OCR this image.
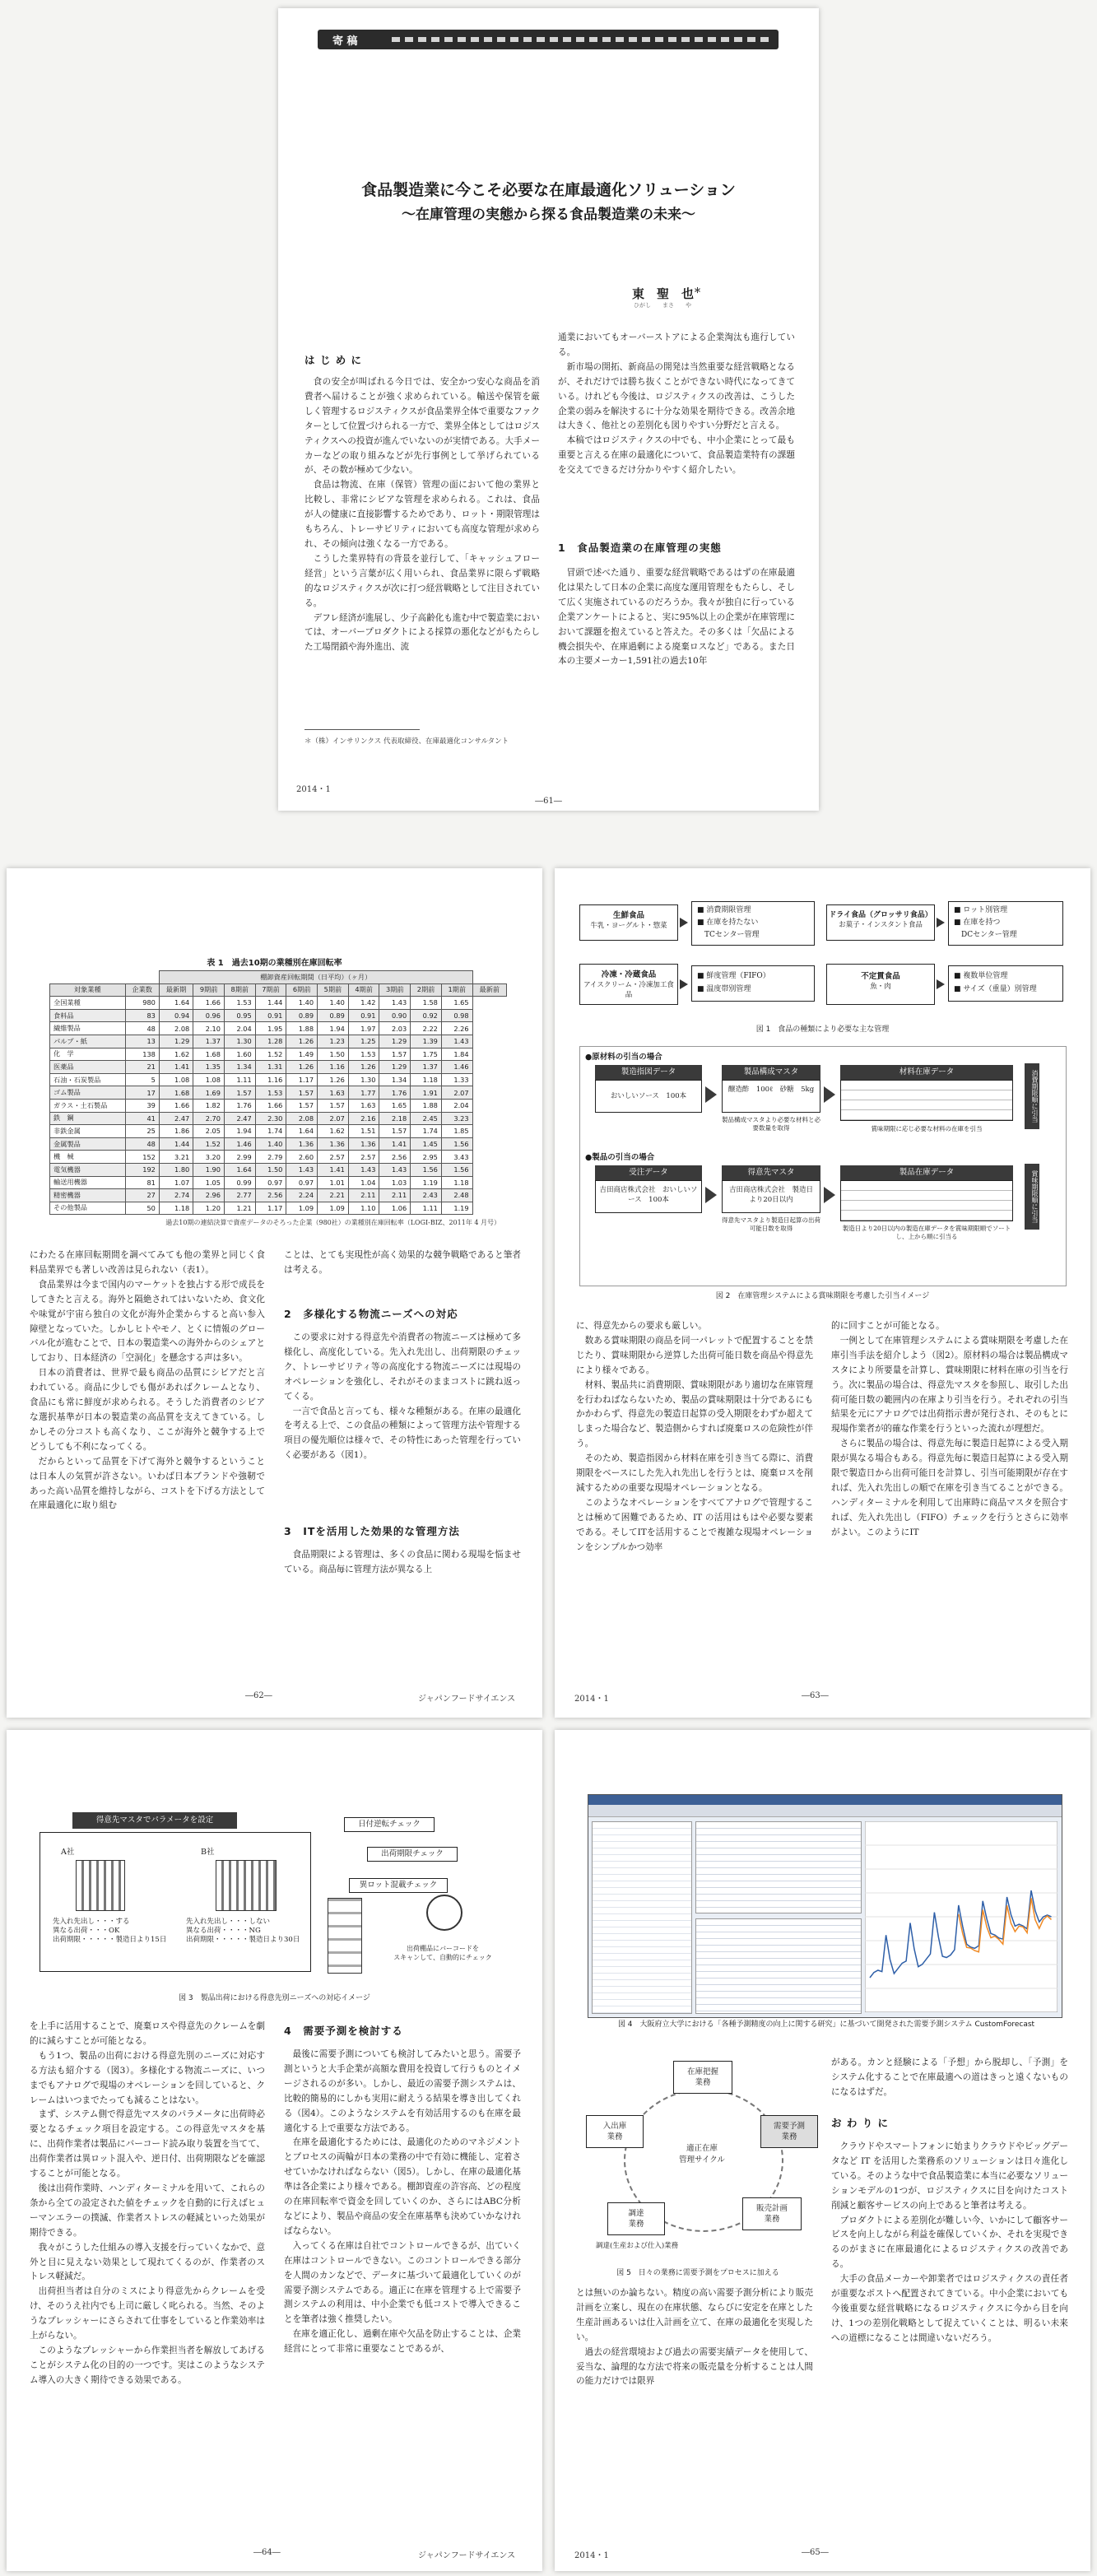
寄 稿
食品製造業に今こそ必要な在庫最適化ソリューション
～在庫管理の実態から探る食品製造業の未来～
東　聖　也＊
ひがし　　まさ　　や
は じ め に

食の安全が叫ばれる今日では、安全かつ安心な商品を消費者へ届けることが強く求められている。輸送や保管を厳しく管理するロジスティクスが食品業界全体で重要なファクターとして位置づけられる一方で、業界全体としてはロジスティクスへの投資が進んでいないのが実情である。大手メーカーなどの取り組みなどが先行事例として挙げられているが、その数が極めて少ない。

食品は物流、在庫（保管）管理の面において他の業界と比較し、非常にシビアな管理を求められる。これは、食品が人の健康に直接影響するためであり、ロット・期限管理はもちろん、トレーサビリティにおいても高度な管理が求められ、その傾向は強くなる一方である。

こうした業界特有の背景を並行して、「キャッシュフロー経営」という言葉が広く用いられ、食品業界に限らず戦略的なロジスティクスが次に打つ経営戦略として注目されている。

デフレ経済が進展し、少子高齢化も進む中で製造業においては、オーバープロダクトによる採算の悪化などがもたらした工場閉鎖や海外進出、流

通業においてもオーバーストアによる企業淘汰も進行している。

新市場の開拓、新商品の開発は当然重要な経営戦略となるが、それだけでは勝ち抜くことができない時代になってきている。けれども今後は、ロジスティクスの改善は、こうした企業の弱みを解決するに十分な効果を期待できる。改善余地は大きく、他社との差別化も図りやすい分野だと言える。

本稿ではロジスティクスの中でも、中小企業にとって最も重要と言える在庫の最適化について、食品製造業特有の課題を交えてできるだけ分かりやすく紹介したい。

1　食品製造業の在庫管理の実態

冒頭で述べた通り、重要な経営戦略であるはずの在庫最適化は果たして日本の企業に高度な運用管理をもたらし、そして広く実施されているのだろうか。我々が独自に行っている企業アンケートによると、実に95%以上の企業が在庫管理において課題を抱えていると答えた。その多くは「欠品による機会損失や、在庫過剰による廃棄ロスなど」である。また日本の主要メーカー1,591社の過去10年

＊（株）インサリンクス 代表取締役、在庫最適化コンサルタント
2014・1
―61―
表 1　過去10期の業種別在庫回転率
		棚卸資産回転期間（日平均）（ヶ月）										
対象業種	企業数	最新期	9期前	8期前	7期前	6期前	5期前	4期前	3期前	2期前	1期前	最新前
全国業種	980	1.64	1.66	1.53	1.44	1.40	1.40	1.42	1.43	1.58	1.65	
食料品	83	0.94	0.96	0.95	0.91	0.89	0.89	0.91	0.90	0.92	0.98	
繊維製品	48	2.08	2.10	2.04	1.95	1.88	1.94	1.97	2.03	2.22	2.26	
パルプ・紙	13	1.29	1.37	1.30	1.28	1.26	1.23	1.25	1.29	1.39	1.43	
化　学	138	1.62	1.68	1.60	1.52	1.49	1.50	1.53	1.57	1.75	1.84	
医薬品	21	1.41	1.35	1.34	1.31	1.26	1.16	1.26	1.29	1.37	1.46	
石油・石炭製品	5	1.08	1.08	1.11	1.16	1.17	1.26	1.30	1.34	1.18	1.33	
ゴム製品	17	1.68	1.69	1.57	1.53	1.57	1.63	1.77	1.76	1.91	2.07	
ガラス・土石製品	39	1.66	1.82	1.76	1.66	1.57	1.57	1.63	1.65	1.88	2.04	
鉄　鋼	41	2.47	2.70	2.47	2.30	2.08	2.07	2.16	2.18	2.45	3.23	
非鉄金属	25	1.86	2.05	1.94	1.74	1.64	1.62	1.51	1.57	1.74	1.85	
金属製品	48	1.44	1.52	1.46	1.40	1.36	1.36	1.36	1.41	1.45	1.56	
機　械	152	3.21	3.20	2.99	2.79	2.60	2.57	2.57	2.56	2.95	3.43	
電気機器	192	1.80	1.90	1.64	1.50	1.43	1.41	1.43	1.43	1.56	1.56	
輸送用機器	81	1.07	1.05	0.99	0.97	0.97	1.01	1.04	1.03	1.19	1.18	
精密機器	27	2.74	2.96	2.77	2.56	2.24	2.21	2.11	2.11	2.43	2.48	
その他製品	50	1.18	1.20	1.21	1.17	1.09	1.09	1.10	1.06	1.11	1.19	
過去10期の連結決算で資産データのそろった企業（980社）の業種別在庫回転率（LOGI-BIZ、2011年 4 月号）

にわたる在庫回転期間を調べてみても他の業界と同じく食料品業界でも著しい改善は見られない（表1）。

食品業界は今まで国内のマーケットを独占する形で成長をしてきたと言える。海外と隔絶されてはいないため、食文化や味覚が宇宙ら独自の文化が海外企業からすると高い参入障壁となっていた。しかしヒトやモノ、とくに情報のグローバル化が進むことで、日本の製造業への海外からのシェアとしており、日本経済の「空洞化」を懸念する声は多い。

日本の消費者は、世界で最も商品の品質にシビアだと言われている。商品に少しでも傷があればクレームとなり、食品にも常に鮮度が求められる。そうした消費者のシビアな選択基準が日本の製造業の高品質を支えてきている。しかしその分コストも高くなり、ここが海外と競争する上でどうしても不利になってくる。

だからといって品質を下げて海外と競争するということは日本人の気質が許さない。いわば日本ブランドや強靭であった高い品質を維持しながら、コストを下げる方法として在庫最適化に取り組む

ことは、とても実現性が高く効果的な競争戦略であると筆者は考える。

2　多様化する物流ニーズへの対応

この要求に対する得意先や消費者の物流ニーズは極めて多様化し、高度化している。先入れ先出し、出荷期限のチェック、トレーサビリティ等の高度化する物流ニーズには現場のオペレーションを強化し、それがそのままコストに跳ね返ってくる。

一言で食品と言っても、様々な種類がある。在庫の最適化を考える上で、この食品の種類によって管理方法や管理する項目の優先順位は様々で、その特性にあった管理を行っていく必要がある（図1）。

3　ITを活用した効果的な管理方法

食品期限による管理は、多くの食品に関わる現場を悩ませている。商品毎に管理方法が異なる上

―62―	ジャパンフードサイエンス
生鮮食品
牛乳・ヨーグルト・惣菜
■ 消費期限管理
■ 在庫を持たない
　TCセンター管理
ドライ食品（グロッサリ食品）
お菓子・インスタント食品
■ ロット別管理
■ 在庫を持つ
　DCセンター管理
冷凍・冷蔵食品
アイスクリーム・冷凍加工食品
■ 鮮度管理（FIFO）
■ 温度帯別管理
不定貫食品
魚・肉
■ 複数単位管理
■ サイズ（重量）別管理
図 1　食品の種類により必要な主な管理
●原材料の引当の場合
製造指図データ
おいしいソース　100本
製品構成マスタ
醸造酢　100ℓ　砂糖　5kg
製品構成マスタより必要な材料と必要数量を取得
材料在庫データ
賞味期限に応じ必要な材料の在庫を引当
消費期限順に引当
●製品の引当の場合
受注データ
吉田商店株式会社　おいしいソース　100本
得意先マスタ
吉田商店株式会社　製造日より20日以内
得意先マスタより製造日起算の出荷可能日数を取得
製品在庫データ
製造日より20日以内の製造在庫データを賞味期限順でソートし、上から順に引当る
賞味期限順に引当
図 2　在庫管理システムによる賞味期限を考慮した引当イメージ

に、得意先からの要求も厳しい。

数ある賞味期限の商品を同一パレットで配置することを禁じたり、賞味期限から逆算した出荷可能日数を商品や得意先により様々である。

材料、製品共に消費期限、賞味期限があり適切な在庫管理を行わねばならないため、製品の賞味期限は十分であるにもかかわらず、得意先の製造日起算の受入期限をわずか超えてしまった場合など、製造側からすれば廃棄ロスの危険性が伴う。

そのため、製造指図から材料在庫を引き当てる際に、消費期限をベースにした先入れ先出しを行うとは、廃棄ロスを削減するための重要な現場オペレーションとなる。

このようなオペレーションをすべてアナログで管理することは極めて困難であるため、IT の活用はもはや必要な要素である。そしてITを活用することで複雑な現場オペレーションをシンプルかつ効率

的に回すことが可能となる。

一例として在庫管理システムによる賞味期限を考慮した在庫引当手法を紹介しよう（図2）。原材料の場合は製品構成マスタにより所要量を計算し、賞味期限に材料在庫の引当を行う。次に製品の場合は、得意先マスタを参照し、取引した出荷可能日数の範囲内の在庫より引当を行う。それぞれの引当結果を元にアナログでは出荷指示書が発行され、そのもとに現場作業者が的確な作業を行うといった流れが理想だ。

さらに製品の場合は、得意先毎に製造日起算による受入期限が異なる場合もある。得意先毎に製造日起算による受入期限で製造日から出荷可能日を計算し、引当可能期限が存在すれば、先入れ先出しの順で在庫を引き当てることができる。ハンディターミナルを利用して出庫時に商品マスタを照合すれば、先入れ先出し（FIFO）チェックを行うとさらに効率がよい。このようにIT

2014・1	―63―
得意先マスタでパラメータを設定
A社	B社
先入れ先出し・・・する
異なる出荷・・・OK
出荷期限・・・・・製造日より15日
先入れ先出し・・・しない
異なる出荷・・・・NG
出荷期限・・・・・製造日より30日
日付逆転チェック
出荷期限チェック
異ロット混載チェック
出荷棚品にバーコードを
スキャンして、自動的にチェック
図 3　製品出荷における得意先別ニーズへの対応イメージ

を上手に活用することで、廃棄ロスや得意先のクレームを劇的に減らすことが可能となる。

もう1つ、製品の出荷における得意先別のニーズに対応する方法も紹介する（図3）。多様化する物流ニーズに、いつまでもアナログで現場のオペレーションを回していると、クレームはいつまでたっても減ることはない。

まず、システム側で得意先マスタのパラメータに出荷時必要となるチェック項目を設定する。この得意先マスタを基に、出荷作業者は製品にバーコード読み取り装置を当てて、出荷作業者は異ロット混入や、逆日付、出荷期限などを確認することが可能となる。

後は出荷作業時、ハンディターミナルを用いて、これらの条から全ての設定された値をチェックを自動的に行えばヒューマンエラーの撲滅、作業者ストレスの軽減といった効果が期待できる。

我々がこうした仕組みの導入支援を行っていくなかで、意外と目に見えない効果として現れてくるのが、作業者のストレス軽減だ。

出荷担当者は自分のミスにより得意先からクレームを受け、そのうえ社内でも上司に厳しく叱られる。当然、そのようなプレッシャーにさらされて仕事をしていると作業効率は上がらない。

このようなプレッシャーから作業担当者を解放してあげることがシステム化の目的の一つです。実はこのようなシステム導入の大きく期待できる効果である。

4　需要予測を検討する

最後に需要予測についても検討してみたいと思う。需要予測というと大手企業が高額な費用を投資して行うものとイメージされるのが多い。しかし、最近の需要予測システムは、比較的簡易的にしかも実用に耐えうる結果を導き出してくれる（図4）。このようなシステムを有効活用するのも在庫を最適化する上で重要な方法である。

在庫を最適化するためには、最適化のためのマネジメントとプロセスの両輪が日本の業務の中で有効に機能し、定着させていかなければならない（図5）。しかし、在庫の最適化基準は各企業により様々である。棚卸資産の許容高、どの程度の在庫回転率で資金を回していくのか、さらにはABC分析などにより、製品や商品の安全在庫基準も決めていかなければならない。

入ってくる在庫は自社でコントロールできるが、出ていく在庫はコントロールできない。このコントロールできる部分を人間のカンなどで、データに基づいて最適化していくのが需要予測システムである。適正に在庫を管理する上で需要予測システムの利用は、中小企業でも低コストで導入できることを筆者は強く推奨したい。

在庫を適正化し、過剰在庫や欠品を防止することは、企業経営にとって非常に重要なことであるが、

―64―	ジャパンフードサイエンス
図 4　大阪府立大学における「各種予測精度の向上に関する研究」に基づいて開発された需要予測システム CustomForecast
適正在庫
管理サイクル
在庫把握
業務
需要予測
業務
販売計画
業務
調達
業務
入出庫
業務
調達(生産および仕入)業務
図 5　日々の業務に需要予測をプロセスに加える

とは無いのか論ちない。精度の高い需要予測分析により販売計画を立案し、現在の在庫状態、ならびに安定を在庫とした生産計画あるいは仕入計画を立て、在庫の最適化を実現したい。

過去の経営環境および過去の需要実績データを使用して、妥当な、論理的な方法で将来の販売量を分析することは人間の能力だけでは限界

がある。カンと経験による「予想」から脱却し、「予測」をシステム化することで在庫最適への道はきっと遠くないものになるはずだ。

お わ り に

クラウドやスマートフォンに始まりクラウドやビッグデータなど IT を活用した業務系のソリューションは日々進化している。そのような中で食品製造業に本当に必要なソリューションモデルの1つが、ロジスティクスに目を向けたコスト削減と顧客サービスの向上であると筆者は考える。

プロダクトによる差別化が難しい今、いかにして顧客サービスを向上しながら利益を確保していくか、それを実現できるのがまさに在庫最適化によるロジスティクスの改善である。

大手の食品メーカーや卸業者ではロジスティクスの責任者が重要なポストへ配置されてきている。中小企業においても今後重要な経営戦略になるロジスティクスに今から目を向け、1つの差別化戦略として捉えていくことは、明るい未来への道標になることは間違いないだろう。

2014・1	―65―
